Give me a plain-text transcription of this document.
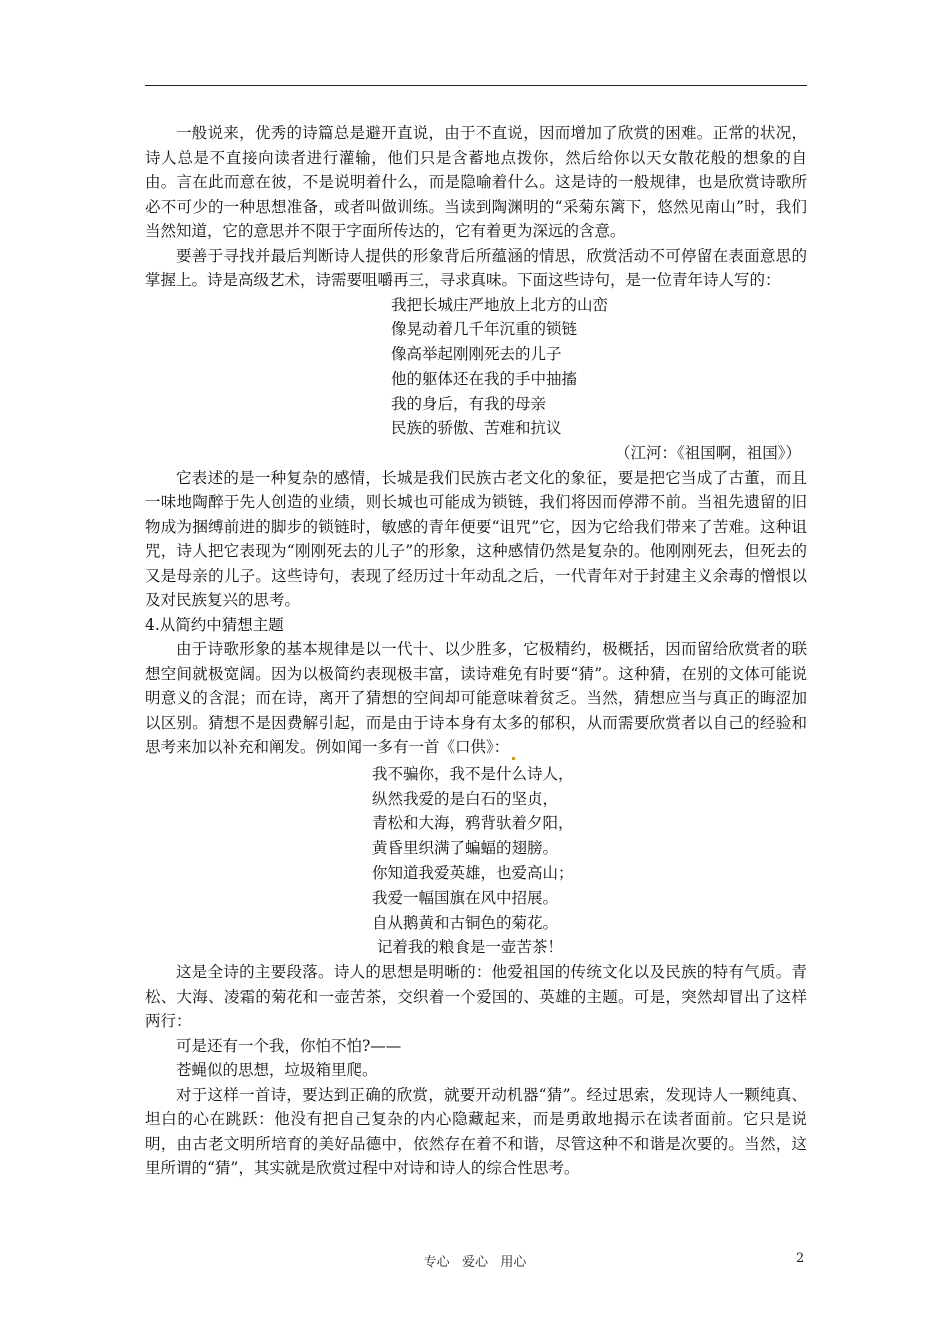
一般说来，优秀的诗篇总是避开直说，由于不直说，因而增加了欣赏的困难。正常的状况，诗人总是不直接向读者进行灌输，他们只是含蓄地点拨你，然后给你以天女散花般的想象的自由。言在此而意在彼，不是说明着什么，而是隐喻着什么。这是诗的一般规律，也是欣赏诗歌所必不可少的一种思想准备，或者叫做训练。当读到陶渊明的“采菊东篱下，悠然见南山”时，我们当然知道，它的意思并不限于字面所传达的，它有着更为深远的含意。

要善于寻找并最后判断诗人提供的形象背后所蕴涵的情思，欣赏活动不可停留在表面意思的掌握上。诗是高级艺术，诗需要咀嚼再三，寻求真味。下面这些诗句，是一位青年诗人写的：

我把长城庄严地放上北方的山峦
像晃动着几千年沉重的锁链
像高举起刚刚死去的儿子
他的躯体还在我的手中抽搐
我的身后，有我的母亲
民族的骄傲、苦难和抗议

（江河：《祖国啊，祖国》）

它表述的是一种复杂的感情，长城是我们民族古老文化的象征，要是把它当成了古董，而且一味地陶醉于先人创造的业绩，则长城也可能成为锁链，我们将因而停滞不前。当祖先遗留的旧物成为捆缚前进的脚步的锁链时，敏感的青年便要“诅咒”它，因为它给我们带来了苦难。这种诅咒，诗人把它表现为“刚刚死去的儿子”的形象，这种感情仍然是复杂的。他刚刚死去，但死去的又是母亲的儿子。这些诗句，表现了经历过十年动乱之后，一代青年对于封建主义余毒的憎恨以及对民族复兴的思考。

4.从简约中猜想主题

由于诗歌形象的基本规律是以一代十、以少胜多，它极精约，极概括，因而留给欣赏者的联想空间就极宽阔。因为以极简约表现极丰富，读诗难免有时要“猜”。这种猜，在别的文体可能说明意义的含混；而在诗，离开了猜想的空间却可能意味着贫乏。当然，猜想应当与真正的晦涩加以区别。猜想不是因费解引起，而是由于诗本身有太多的郁积，从而需要欣赏者以自己的经验和思考来加以补充和阐发。例如闻一多有一首《口供》：

我不骗你，我不是什么诗人，
纵然我爱的是白石的坚贞，
青松和大海，鸦背驮着夕阳，
黄昏里织满了蝙蝠的翅膀。
你知道我爱英雄，也爱高山；
我爱一幅国旗在风中招展。
自从鹅黄和古铜色的菊花。
记着我的粮食是一壶苦茶！

这是全诗的主要段落。诗人的思想是明晰的：他爱祖国的传统文化以及民族的特有气质。青松、大海、凌霜的菊花和一壶苦茶，交织着一个爱国的、英雄的主题。可是，突然却冒出了这样两行：

可是还有一个我，你怕不怕?——

苍蝇似的思想，垃圾箱里爬。

对于这样一首诗，要达到正确的欣赏，就要开动机器“猜”。经过思索，发现诗人一颗纯真、坦白的心在跳跃：他没有把自己复杂的内心隐藏起来，而是勇敢地揭示在读者面前。它只是说明，由古老文明所培育的美好品德中，依然存在着不和谐，尽管这种不和谐是次要的。当然，这里所谓的“猜”，其实就是欣赏过程中对诗和诗人的综合性思考。

专心   爱心   用心	2
